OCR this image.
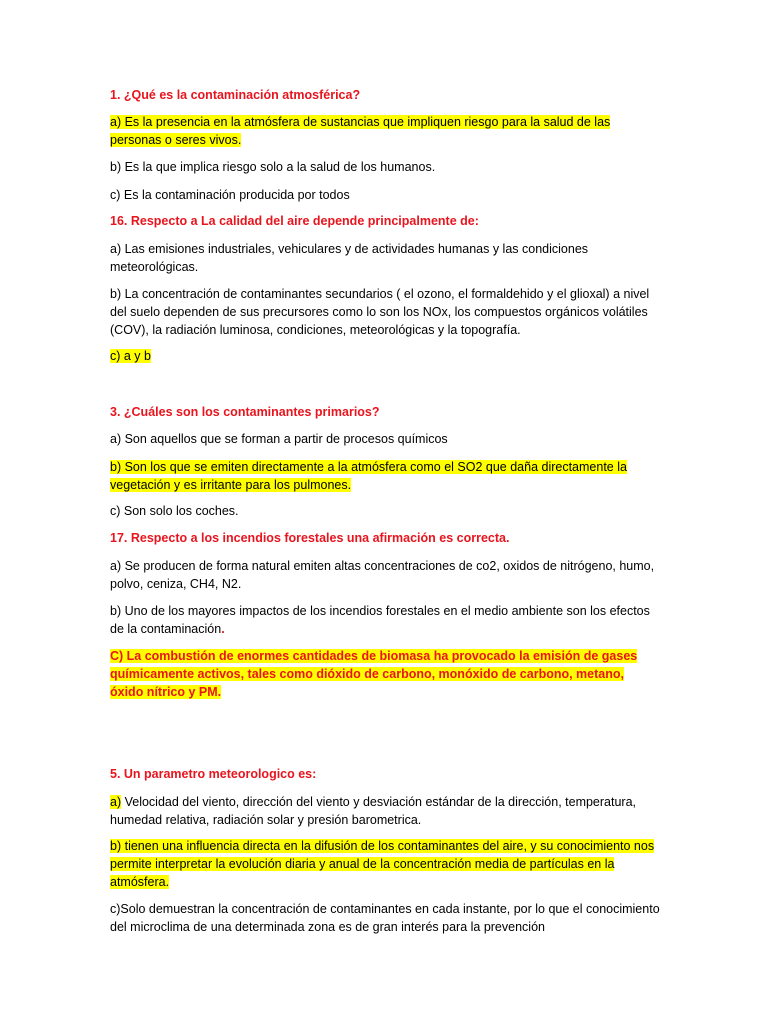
1. ¿Qué es la contaminación atmosférica?

a) Es la presencia en la atmósfera de sustancias que impliquen riesgo para la salud de las personas o seres vivos.

b) Es la que implica riesgo solo a la salud de los humanos.

c) Es la contaminación producida por todos

16. Respecto a La calidad del aire depende principalmente de:

a) Las emisiones industriales, vehiculares y de actividades humanas y las condiciones meteorológicas.

b) La concentración de contaminantes secundarios ( el ozono, el formaldehido y el glioxal) a nivel del suelo dependen de sus precursores como lo son los NOx, los compuestos orgánicos volátiles (COV), la radiación luminosa, condiciones, meteorológicas y la topografía.

c) a y b

3. ¿Cuáles son los contaminantes primarios?

a) Son aquellos que se forman a partir de procesos químicos

b) Son los que se emiten directamente a la atmósfera como el SO2 que daña directamente la vegetación y es irritante para los pulmones.

c) Son solo los coches.

17. Respecto a los incendios forestales una afirmación es correcta.

a) Se producen de forma natural emiten altas concentraciones de co2, oxidos de nitrógeno, humo, polvo, ceniza, CH4, N2.

b) Uno de los mayores impactos de los incendios forestales en el medio ambiente son los efectos de la contaminación.

C) La combustión de enormes cantidades de biomasa ha provocado la emisión de gases químicamente activos, tales como dióxido de carbono, monóxido de carbono, metano, óxido nítrico y PM.

5. Un parametro meteorologico es:

a) Velocidad del viento, dirección del viento y desviación estándar de la dirección, temperatura, humedad relativa, radiación solar y presión barometrica.

b) tienen una influencia directa en la difusión de los contaminantes del aire, y su conocimiento nos permite interpretar la evolución diaria y anual de la concentración media de partículas en la atmósfera.

c)Solo demuestran la concentración de contaminantes en cada instante, por lo que el conocimiento del microclima de una determinada zona es de gran interés para la prevención
